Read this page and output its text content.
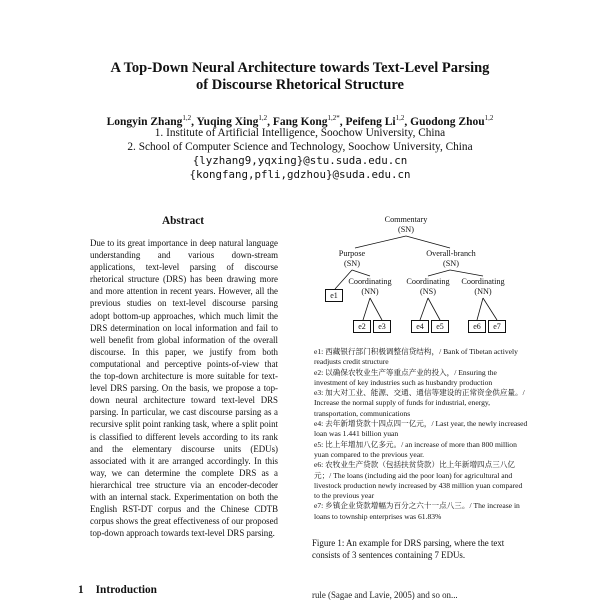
A Top-Down Neural Architecture towards Text-Level Parsing
of Discourse Rhetorical Structure
Longyin Zhang$^{1,2}$, Yuqing Xing$^{1,2}$, Fang Kong$^{1,2*}$, Peifeng Li$^{1,2}$, Guodong Zhou$^{1,2}$
1. Institute of Artificial Intelligence, Soochow University, China
2. School of Computer Science and Technology, Soochow University, China
{lyzhang9,yqxing}@stu.suda.edu.cn
{kongfang,pfli,gdzhou}@suda.edu.cn
Abstract
Due to its great importance in deep natural language understanding and various down-stream applications, text-level parsing of discourse rhetorical structure (DRS) has been drawing more and more attention in recent years. However, all the previous studies on text-level discourse parsing adopt bottom-up approaches, which much limit the DRS determination on local information and fail to well benefit from global information of the overall discourse. In this paper, we justify from both computational and perceptive points-of-view that the top-down architecture is more suitable for text-level DRS parsing. On the basis, we propose a top-down neural architecture toward text-level DRS parsing. In particular, we cast discourse parsing as a recursive split point ranking task, where a split point is classified to different levels according to its rank and the elementary discourse units (EDUs) associated with it are arranged accordingly. In this way, we can determine the complete DRS as a hierarchical tree structure via an encoder-decoder with an internal stack. Experimentation on both the English RST-DT corpus and the Chinese CDTB corpus shows the great effectiveness of our proposed top-down approach towards text-level DRS parsing.
1 Introduction
Commentary
(SN)
Purpose
(SN)
Overall-branch
(SN)
Coordinating
(NN)
Coordinating
(NS)
Coordinating
(NN)
e1
e2	e3	e4	e5	e6	e7
e1: 西藏银行部门积极调整信贷结构，/ Bank of Tibetan actively readjusts credit structure
e2: 以确保农牧业生产等重点产业的投入，/ Ensuring the investment of key industries such as husbandry production
e3: 加大对工业、能源、交通、通信等建设的正常资金供应量。/ Increase the normal supply of funds for industrial, energy, transportation, communications
e4: 去年新增贷款十四点四一亿元，/ Last year, the newly increased loan was 1.441 billion yuan
e5: 比上年增加八亿多元。/ an increase of more than 800 million yuan compared to the previous year.
e6: 农牧业生产贷款（包括扶贫贷款）比上年新增四点三八亿元；/ The loans (including aid the poor loan) for agricultural and livestock production newly increased by 438 million yuan compared to the previous year
e7: 乡镇企业贷款增幅为百分之六十一点八三。/ The increase in loans to township enterprises was 61.83%
Figure 1: An example for DRS parsing, where the text consists of 3 sentences containing 7 EDUs.
rule (Sagae and Lavie, 2005) and so on...
